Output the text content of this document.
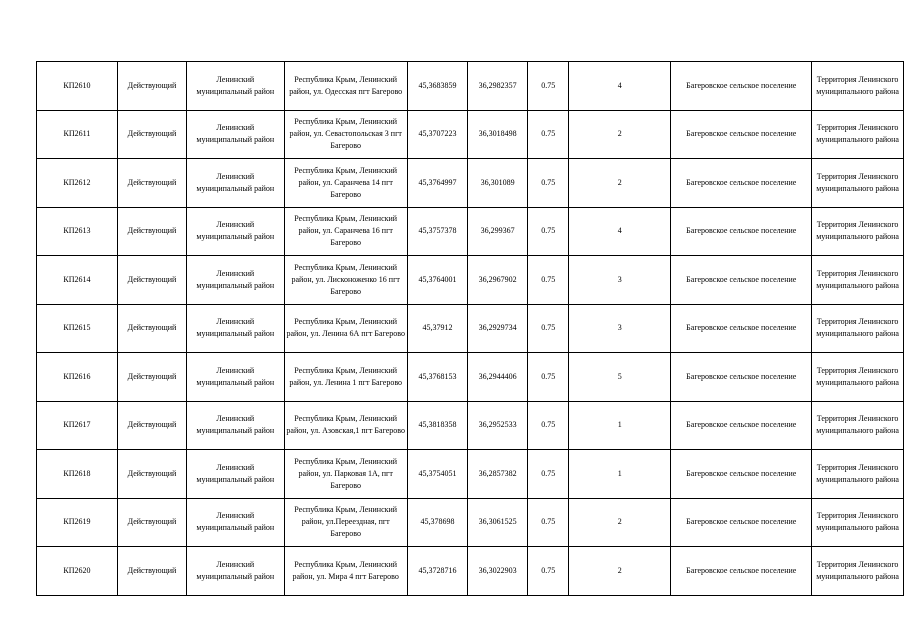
КП2610	Действующий	Ленинский муниципальный район	Республика Крым, Ленинский район, ул. Одесская пгт Багерово	45,3683859	36,2982357	0.75	4	Багеровское сельское поселение	Территория Ленинского муниципального района
КП2611	Действующий	Ленинский муниципальный район	Республика Крым, Ленинский район, ул. Севастопольская 3 пгт Багерово	45,3707223	36,3018498	0.75	2	Багеровское сельское поселение	Территория Ленинского муниципального района
КП2612	Действующий	Ленинский муниципальный район	Республика Крым, Ленинский район, ул. Саранчева 14 пгт Багерово	45,3764997	36,301089	0.75	2	Багеровское сельское поселение	Территория Ленинского муниципального района
КП2613	Действующий	Ленинский муниципальный район	Республика Крым, Ленинский район, ул. Саранчева 16 пгт Багерово	45,3757378	36,299367	0.75	4	Багеровское сельское поселение	Территория Ленинского муниципального района
КП2614	Действующий	Ленинский муниципальный район	Республика Крым, Ленинский район, ул. Лисконоженко 16 пгт Багерово	45,3764001	36,2967902	0.75	3	Багеровское сельское поселение	Территория Ленинского муниципального района
КП2615	Действующий	Ленинский муниципальный район	Республика Крым, Ленинский район, ул. Ленина 6А пгт Багерово	45,37912	36,2929734	0.75	3	Багеровское сельское поселение	Территория Ленинского муниципального района
КП2616	Действующий	Ленинский муниципальный район	Республика Крым, Ленинский район, ул. Ленина 1 пгт Багерово	45,3768153	36,2944406	0.75	5	Багеровское сельское поселение	Территория Ленинского муниципального района
КП2617	Действующий	Ленинский муниципальный район	Республика Крым, Ленинский район, ул. Азовская,1 пгт Багерово	45,3818358	36,2952533	0.75	1	Багеровское сельское поселение	Территория Ленинского муниципального района
КП2618	Действующий	Ленинский муниципальный район	Республика Крым, Ленинский район, ул. Парковая 1А, пгт Багерово	45,3754051	36,2857382	0.75	1	Багеровское сельское поселение	Территория Ленинского муниципального района
КП2619	Действующий	Ленинский муниципальный район	Республика Крым, Ленинский район, ул.Переездная, пгт Багерово	45,378698	36,3061525	0.75	2	Багеровское сельское поселение	Территория Ленинского муниципального района
КП2620	Действующий	Ленинский муниципальный район	Республика Крым, Ленинский район, ул. Мира 4 пгт Багерово	45,3728716	36,3022903	0.75	2	Багеровское сельское поселение	Территория Ленинского муниципального района
